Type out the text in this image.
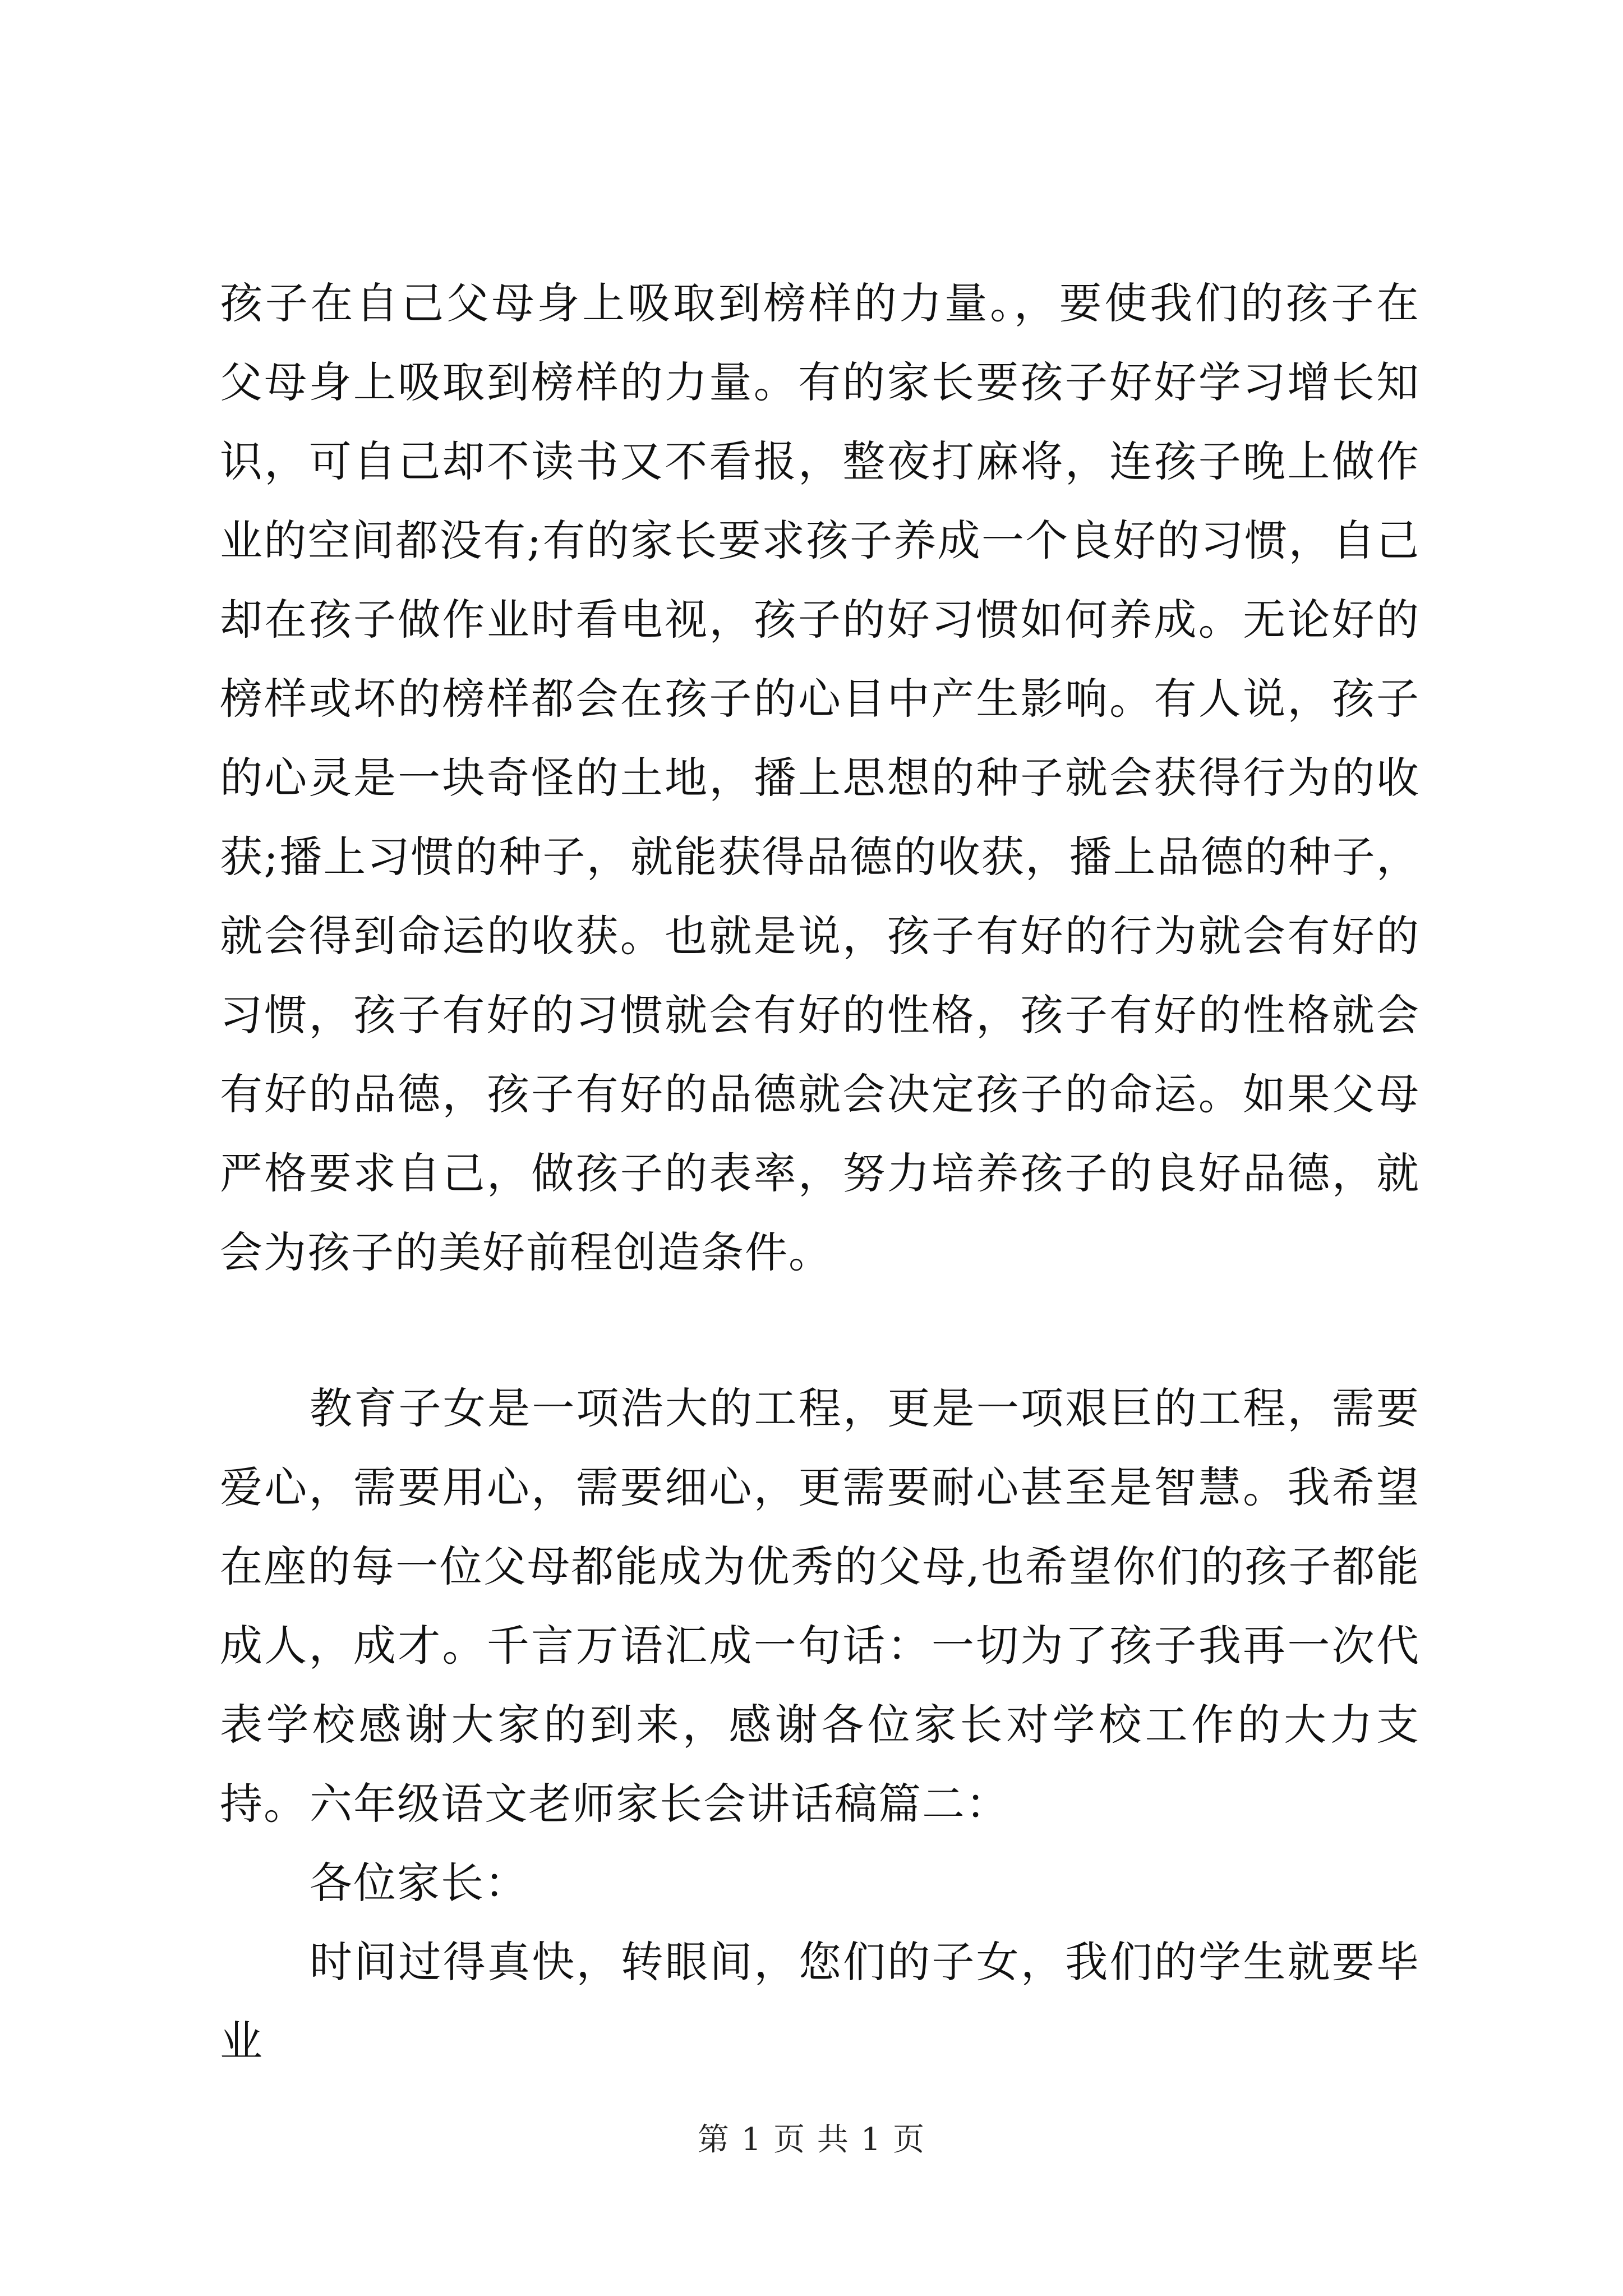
孩子在自己父母身上吸取到榜样的力量。，要使我们的孩子在父母身上吸取到榜样的力量。有的家长要孩子好好学习增长知识，可自己却不读书又不看报，整夜打麻将，连孩子晚上做作业的空间都没有;有的家长要求孩子养成一个良好的习惯，自己却在孩子做作业时看电视，孩子的好习惯如何养成。无论好的榜样或坏的榜样都会在孩子的心目中产生影响。有人说，孩子的心灵是一块奇怪的土地，播上思想的种子就会获得行为的收获;播上习惯的种子，就能获得品德的收获，播上品德的种子，就会得到命运的收获。也就是说，孩子有好的行为就会有好的习惯，孩子有好的习惯就会有好的性格，孩子有好的性格就会有好的品德，孩子有好的品德就会决定孩子的命运。如果父母严格要求自己，做孩子的表率，努力培养孩子的良好品德，就会为孩子的美好前程创造条件。

教育子女是一项浩大的工程，更是一项艰巨的工程，需要爱心，需要用心，需要细心，更需要耐心甚至是智慧。我希望在座的每一位父母都能成为优秀的父母,也希望你们的孩子都能成人，成才。千言万语汇成一句话：一切为了孩子我再一次代表学校感谢大家的到来，感谢各位家长对学校工作的大力支持。 六年级语文老师家长会讲话稿篇二：

各位家长：

时间过得真快，转眼间，您们的子女，我们的学生就要毕业

第 1 页 共 1 页
